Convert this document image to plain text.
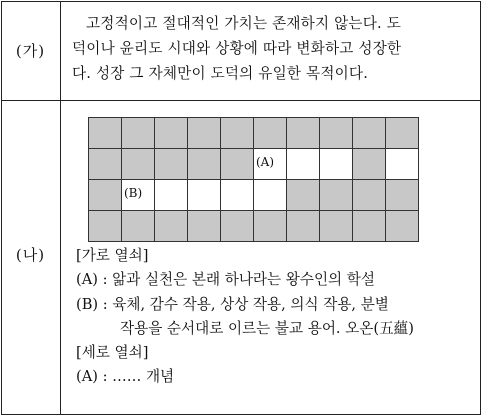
(가)
고정적이고 절대적인 가치는 존재하지 않는다. 도
덕이나 윤리도 시대와 상황에 따라 변화하고 성장한
다. 성장 그 자체만이 도덕의 유일한 목적이다.
(나)

					(A)				

	(B)								

[가로 열쇠]
(A) : 앎과 실천은 본래 하나라는 왕수인의 학설
(B) : 육체, 감수 작용, 상상 작용, 의식 작용, 분별
작용을 순서대로 이르는 불교 용어. 오온(五蘊)
[세로 열쇠]
(A) : …… 개념
